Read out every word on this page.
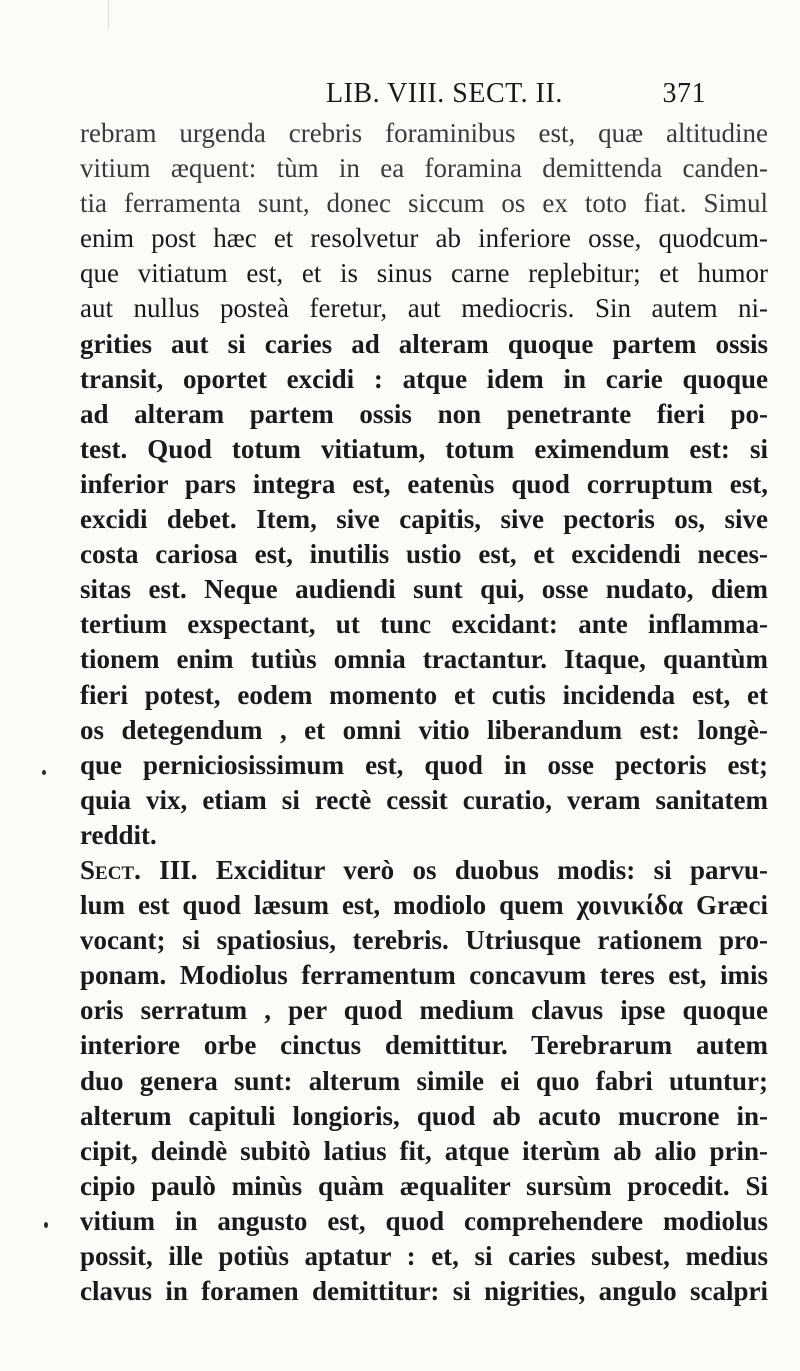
LIB. VIII. SECT. II.	371
rebram urgenda crebris foraminibus est, quæ altitudine
vitium æquent: tùm in ea foramina demittenda canden-
tia ferramenta sunt, donec siccum os ex toto fiat. Simul
enim post hæc et resolvetur ab inferiore osse, quodcum-
que vitiatum est, et is sinus carne replebitur; et humor
aut nullus posteà feretur, aut mediocris. Sin autem ni-
grities aut si caries ad alteram quoque partem ossis
transit, oportet excidi : atque idem in carie quoque
ad alteram partem ossis non penetrante fieri po-
test. Quod totum vitiatum, totum eximendum est: si
inferior pars integra est, eatenùs quod corruptum est,
excidi debet. Item, sive capitis, sive pectoris os, sive
costa cariosa est, inutilis ustio est, et excidendi neces-
sitas est. Neque audiendi sunt qui, osse nudato, diem
tertium exspectant, ut tunc excidant: ante inflamma-
tionem enim tutiùs omnia tractantur. Itaque, quantùm
fieri potest, eodem momento et cutis incidenda est, et
os detegendum , et omni vitio liberandum est: longè-
que perniciosissimum est, quod in osse pectoris est;
quia vix, etiam si rectè cessit curatio, veram sanitatem
reddit.
Sect. III. Exciditur verò os duobus modis: si parvu-
lum est quod læsum est, modiolo quem χοινικίδα Græci
vocant; si spatiosius, terebris. Utriusque rationem pro-
ponam. Modiolus ferramentum concavum teres est, imis
oris serratum , per quod medium clavus ipse quoque
interiore orbe cinctus demittitur. Terebrarum autem
duo genera sunt: alterum simile ei quo fabri utuntur;
alterum capituli longioris, quod ab acuto mucrone in-
cipit, deindè subitò latius fit, atque iterùm ab alio prin-
cipio paulò minùs quàm æqualiter sursùm procedit. Si
vitium in angusto est, quod comprehendere modiolus
possit, ille potiùs aptatur : et, si caries subest, medius
clavus in foramen demittitur: si nigrities, angulo scalpri
